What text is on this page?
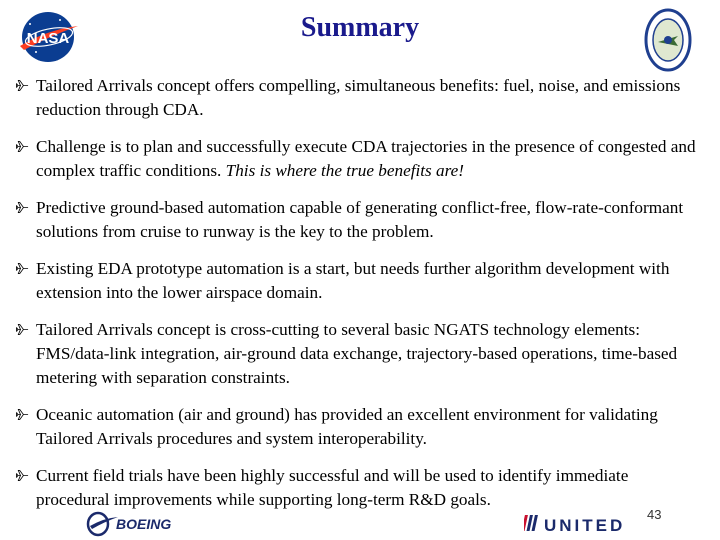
NASA	Summary
Tailored Arrivals concept offers compelling, simultaneous benefits: fuel, noise, and emissions reduction through CDA.
Challenge is to plan and successfully execute CDA trajectories in the presence of congested and complex traffic conditions. This is where the true benefits are!
Predictive ground-based automation capable of generating conflict-free, flow-rate-conformant solutions from cruise to runway is the key to the problem.
Existing EDA prototype automation is a start, but needs further algorithm development with extension into the lower airspace domain.
Tailored Arrivals concept is cross-cutting to several basic NGATS technology elements: FMS/data-link integration, air-ground data exchange, trajectory-based operations, time-based metering with separation constraints.
Oceanic automation (air and ground) has provided an excellent environment for validating Tailored Arrivals procedures and system interoperability.
Current field trials have been highly successful and will be used to identify immediate procedural improvements while supporting long-term R&D goals.
BOEING	UNITED
43
